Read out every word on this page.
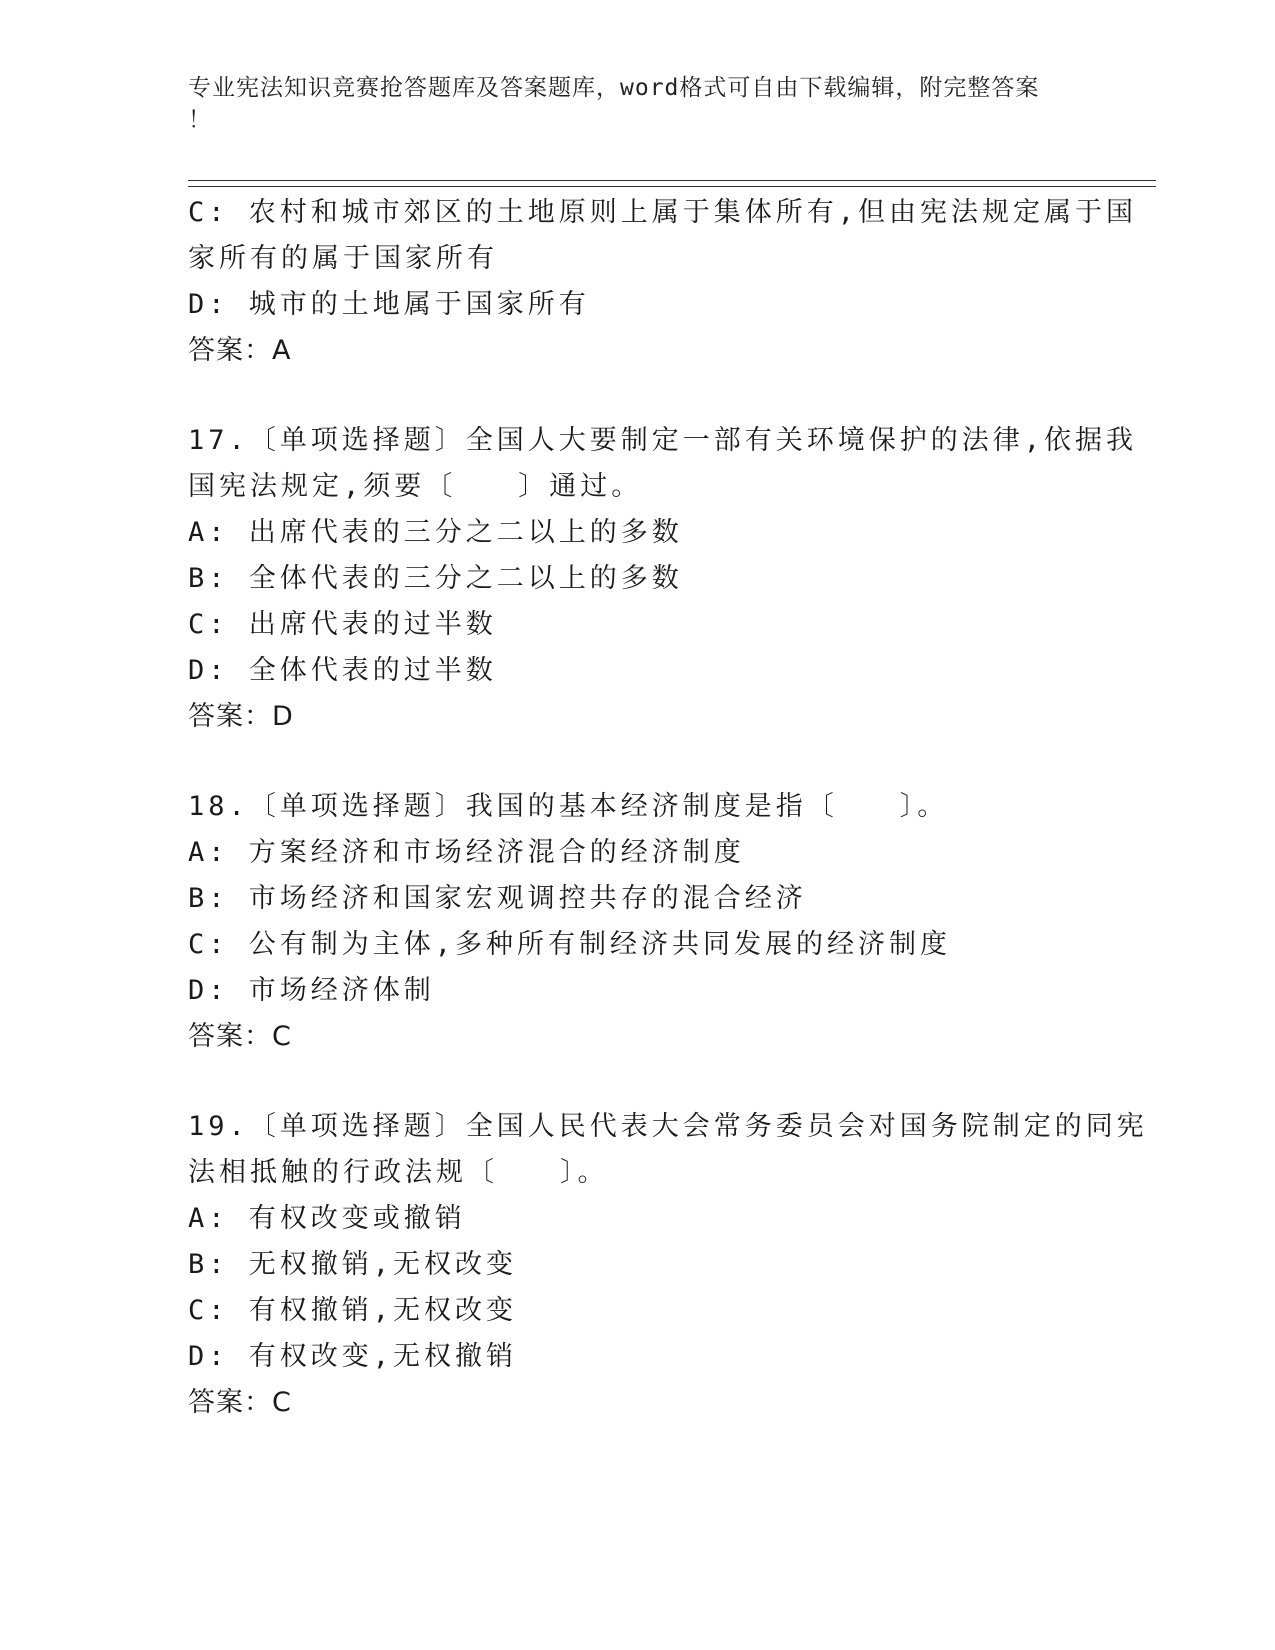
专业宪法知识竞赛抢答题库及答案题库，word格式可自由下载编辑，附完整答案
！
C: 农村和城市郊区的土地原则上属于集体所有,但由宪法规定属于国
家所有的属于国家所有
D: 城市的土地属于国家所有
答案：A
17.〔单项选择题〕全国人大要制定一部有关环境保护的法律,依据我
国宪法规定,须要〔　　〕通过。
A: 出席代表的三分之二以上的多数
B: 全体代表的三分之二以上的多数
C: 出席代表的过半数
D: 全体代表的过半数
答案：D
18.〔单项选择题〕我国的基本经济制度是指〔　　〕。
A: 方案经济和市场经济混合的经济制度
B: 市场经济和国家宏观调控共存的混合经济
C: 公有制为主体,多种所有制经济共同发展的经济制度
D: 市场经济体制
答案：C
19.〔单项选择题〕全国人民代表大会常务委员会对国务院制定的同宪
法相抵触的行政法规〔　　〕。
A: 有权改变或撤销
B: 无权撤销,无权改变
C: 有权撤销,无权改变
D: 有权改变,无权撤销
答案：C
